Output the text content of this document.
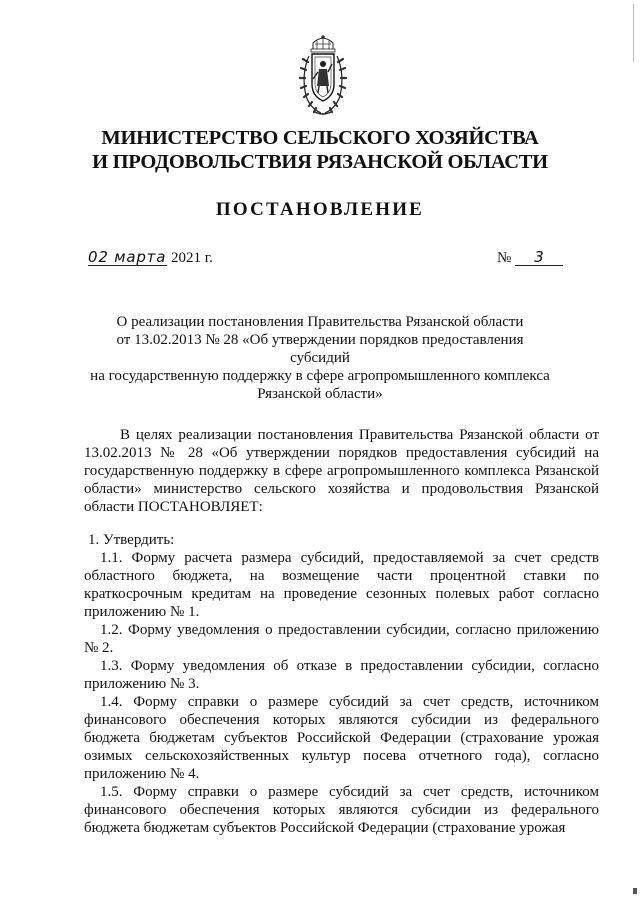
МИНИСТЕРСТВО СЕЛЬСКОГО ХОЗЯЙСТВА
И ПРОДОВОЛЬСТВИЯ РЯЗАНСКОЙ ОБЛАСТИ
ПОСТАНОВЛЕНИЕ
02 марта 2021 г.	№ 3
О реализации постановления Правительства Рязанской области
от 13.02.2013 № 28 «Об утверждении порядков предоставления субсидий
на государственную поддержку в сфере агропромышленного комплекса
Рязанской области»

В целях реализации постановления Правительства Рязанской области от 13.02.2013 № 28 «Об утверждении порядков предоставления субсидий на государственную поддержку в сфере агропромышленного комплекса Рязанской области» министерство сельского хозяйства и продовольствия Рязанской области ПОСТАНОВЛЯЕТ:

1. Утвердить:

1.1. Форму расчета размера субсидий, предоставляемой за счет средств областного бюджета, на возмещение части процентной ставки по краткосрочным кредитам на проведение сезонных полевых работ согласно приложению № 1.

1.2. Форму уведомления о предоставлении субсидии, согласно приложению № 2.

1.3. Форму уведомления об отказе в предоставлении субсидии, согласно приложению № 3.

1.4. Форму справки о размере субсидий за счет средств, источником финансового обеспечения которых являются субсидии из федерального бюджета бюджетам субъектов Российской Федерации (страхование урожая озимых сельскохозяйственных культур посева отчетного года), согласно приложению № 4.

1.5. Форму справки о размере субсидий за счет средств, источником финансового обеспечения которых являются субсидии из федерального бюджета бюджетам субъектов Российской Федерации (страхование урожая
